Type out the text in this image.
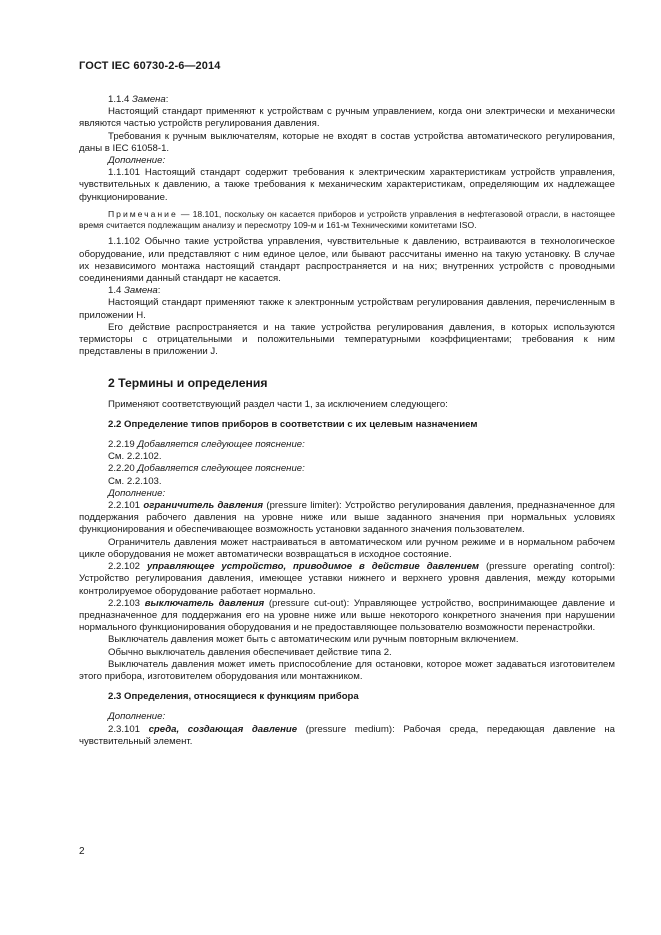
ГОСТ IEC 60730-2-6—2014

1.1.4 Замена:

Настоящий стандарт применяют к устройствам с ручным управлением, когда они электрически и механически являются частью устройств регулирования давления.

Требования к ручным выключателям, которые не входят в состав устройства автоматического регулирования, даны в IEC 61058-1.

Дополнение:

1.1.101 Настоящий стандарт содержит требования к электрическим характеристикам устройств управления, чувствительных к давлению, а также требования к механическим характеристикам, определяющим их надлежащее функционирование.

Примечание — 18.101, поскольку он касается приборов и устройств управления в нефтегазовой отрасли, в настоящее время считается подлежащим анализу и пересмотру 109-м и 161-м Техническими комитетами ISO.

1.1.102 Обычно такие устройства управления, чувствительные к давлению, встраиваются в технологическое оборудование, или представляют с ним единое целое, или бывают рассчитаны именно на такую установку. В случае их независимого монтажа настоящий стандарт распространяется и на них; внутренних устройств с проводными соединениями данный стандарт не касается.

1.4 Замена:

Настоящий стандарт применяют также к электронным устройствам регулирования давления, перечисленным в приложении H.

Его действие распространяется и на такие устройства регулирования давления, в которых используются термисторы с отрицательными и положительными температурными коэффициентами; требования к ним представлены в приложении J.

2 Термины и определения

Применяют соответствующий раздел части 1, за исключением следующего:

2.2 Определение типов приборов в соответствии с их целевым назначением

2.2.19 Добавляется следующее пояснение:

См. 2.2.102.

2.2.20 Добавляется следующее пояснение:

См. 2.2.103.

Дополнение:

2.2.101 ограничитель давления (pressure limiter): Устройство регулирования давления, предназначенное для поддержания рабочего давления на уровне ниже или выше заданного значения при нормальных условиях функционирования и обеспечивающее возможность установки заданного значения пользователем.

Ограничитель давления может настраиваться в автоматическом или ручном режиме и в нормальном рабочем цикле оборудования не может автоматически возвращаться в исходное состояние.

2.2.102 управляющее устройство, приводимое в действие давлением (pressure operating control): Устройство регулирования давления, имеющее уставки нижнего и верхнего уровня давления, между которыми контролируемое оборудование работает нормально.

2.2.103 выключатель давления (pressure cut-out): Управляющее устройство, воспринимающее давление и предназначенное для поддержания его на уровне ниже или выше некоторого конкретного значения при нарушении нормального функционирования оборудования и не предоставляющее пользователю возможности перенастройки.

Выключатель давления может быть с автоматическим или ручным повторным включением.

Обычно выключатель давления обеспечивает действие типа 2.

Выключатель давления может иметь приспособление для остановки, которое может задаваться изготовителем этого прибора, изготовителем оборудования или монтажником.

2.3 Определения, относящиеся к функциям прибора

Дополнение:

2.3.101 среда, создающая давление (pressure medium): Рабочая среда, передающая давление на чувствительный элемент.

2
